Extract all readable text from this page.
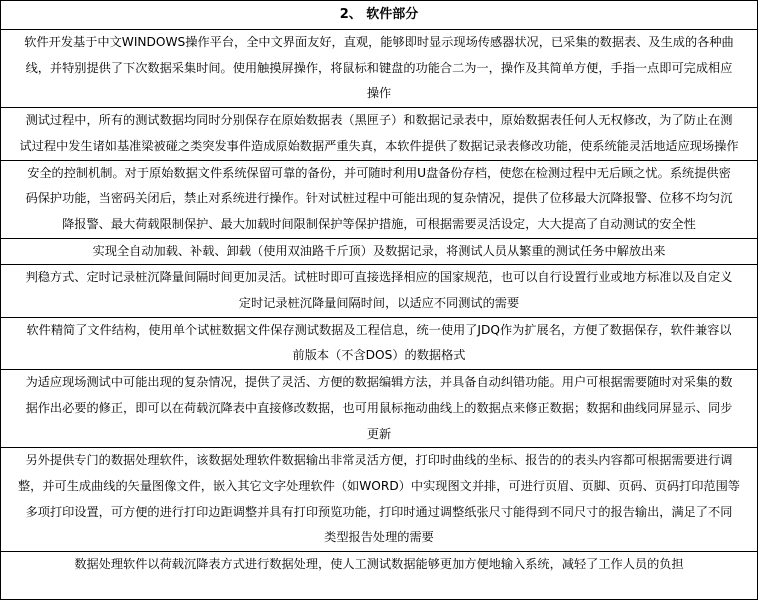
2、 软件部分
软件开发基于中文WINDOWS操作平台，全中文界面友好，直观，能够即时显示现场传感器状况，已采集的数据表、及生成的各种曲
线，并特别提供了下次数据采集时间。使用触摸屏操作，将鼠标和键盘的功能合二为一，操作及其简单方便，手指一点即可完成相应
操作
测试过程中，所有的测试数据均同时分别保存在原始数据表（黑匣子）和数据记录表中，原始数据表任何人无权修改，为了防止在测
试过程中发生诸如基准梁被碰之类突发事件造成原始数据严重失真，本软件提供了数据记录表修改功能，使系统能灵活地适应现场操作
安全的控制机制。对于原始数据文件系统保留可靠的备份，并可随时利用U盘备份存档，使您在检测过程中无后顾之忧。系统提供密
码保护功能，当密码关闭后，禁止对系统进行操作。针对试桩过程中可能出现的复杂情况，提供了位移最大沉降报警、位移不均匀沉
降报警、最大荷载限制保护、最大加载时间限制保护等保护措施，可根据需要灵活设定，大大提高了自动测试的安全性
实现全自动加载、补载、卸载（使用双油路千斤顶）及数据记录，将测试人员从繁重的测试任务中解放出来
判稳方式、定时记录桩沉降量间隔时间更加灵活。试桩时即可直接选择相应的国家规范，也可以自行设置行业或地方标准以及自定义
定时记录桩沉降量间隔时间，以适应不同测试的需要
软件精简了文件结构，使用单个试桩数据文件保存测试数据及工程信息，统一使用了JDQ作为扩展名，方便了数据保存，软件兼容以
前版本（不含DOS）的数据格式
为适应现场测试中可能出现的复杂情况，提供了灵活、方便的数据编辑方法，并具备自动纠错功能。用户可根据需要随时对采集的数
据作出必要的修正，即可以在荷载沉降表中直接修改数据，也可用鼠标拖动曲线上的数据点来修正数据；数据和曲线同屏显示、同步
更新
另外提供专门的数据处理软件，该数据处理软件数据输出非常灵活方便，打印时曲线的坐标、报告的的表头内容都可根据需要进行调
整，并可生成曲线的矢量图像文件，嵌入其它文字处理软件（如WORD）中实现图文并排，可进行页眉、页脚、页码、页码打印范围等
多项打印设置，可方便的进行打印边距调整并具有打印预览功能，打印时通过调整纸张尺寸能得到不同尺寸的报告输出，满足了不同
类型报告处理的需要
数据处理软件以荷载沉降表方式进行数据处理，使人工测试数据能够更加方便地输入系统，减轻了工作人员的负担
